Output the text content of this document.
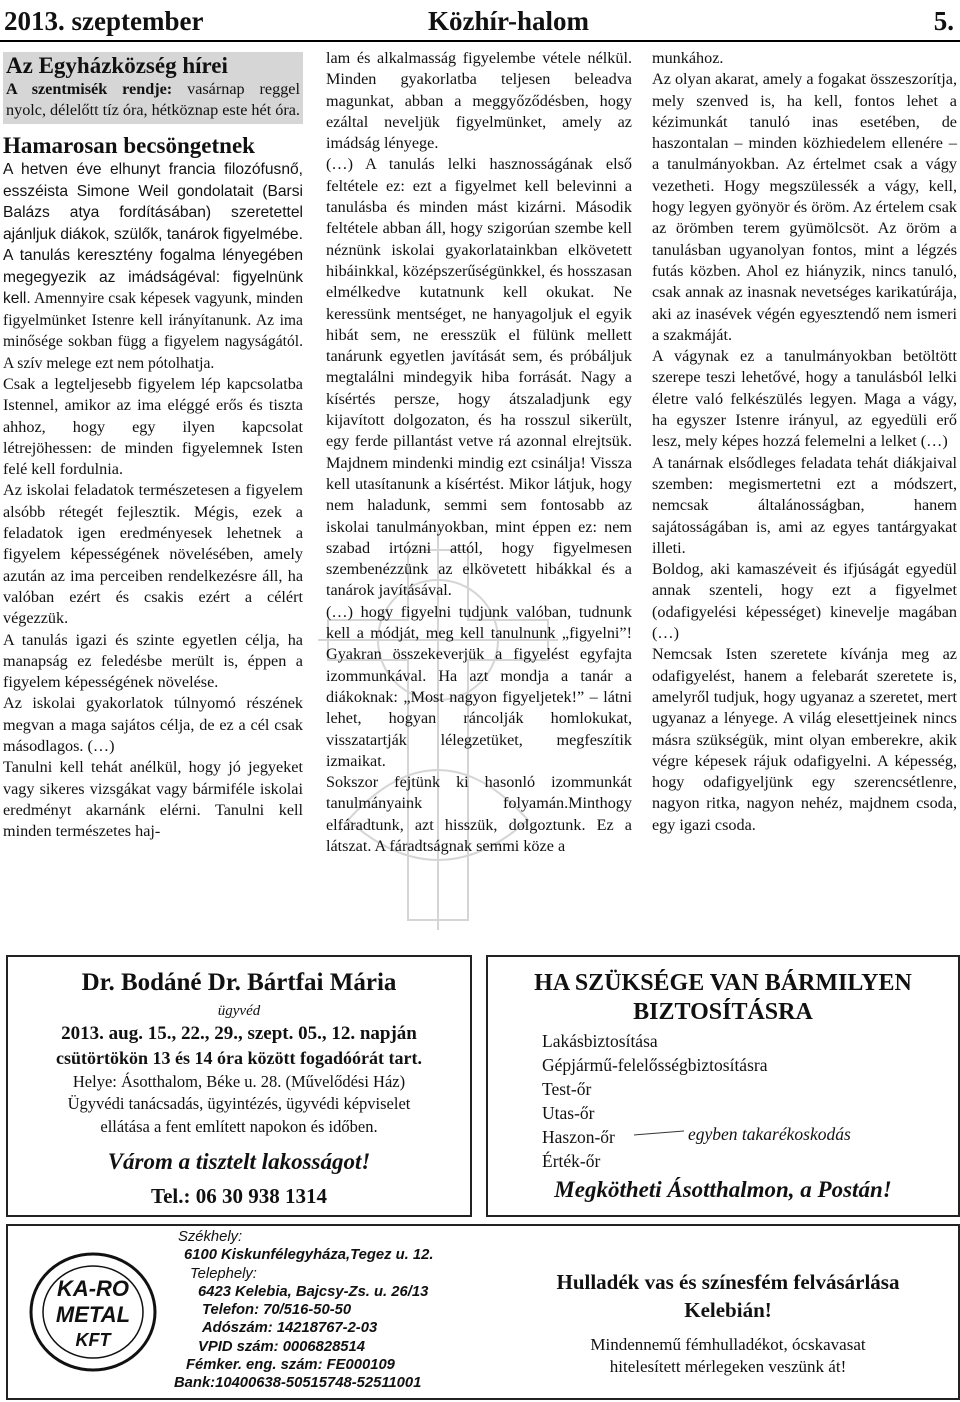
2013. szeptember	Közhír-halom	5.
Az Egyházközség hírei

A szentmisék rendje: vasárnap reggel nyolc, délelőtt tíz óra, hétköznap este hét óra.

Hamarosan becsöngetnek

A hetven éve elhunyt francia filozófusnő, esszéista Simone Weil gondolatait (Barsi Balázs atya fordításában) szeretettel ajánljuk diákok, szülők, tanárok figyelmébe.

A tanulás keresztény fogalma lényegében megegyezik az imádságéval: figyelnünk kell. Amennyire csak képesek vagyunk, minden figyelmünket Istenre kell irányítanunk. Az ima minősége sokban függ a figyelem nagyságától. A szív melege ezt nem pótolhatja.

Csak a legteljesebb figyelem lép kapcsolatba Istennel, amikor az ima eléggé erős és tiszta ahhoz, hogy egy ilyen kapcsolat létrejöhessen: de minden figyelemnek Isten felé kell fordulnia.

Az iskolai feladatok természetesen a figyelem alsóbb rétegét fejlesztik. Mégis, ezek a feladatok igen eredményesek lehetnek a figyelem képességének növelésében, amely azután az ima perceiben rendelkezésre áll, ha valóban ezért és csakis ezért a célért végezzük.

A tanulás igazi és szinte egyetlen célja, ha manapság ez feledésbe merült is, éppen a figyelem képességének növelése.

Az iskolai gyakorlatok túlnyomó részének megvan a maga sajátos célja, de ez a cél csak másodlagos. (…)

Tanulni kell tehát anélkül, hogy jó jegyeket vagy sikeres vizsgákat vagy bármiféle iskolai eredményt akarnánk elérni. Tanulni kell minden természetes haj-

lam és alkalmasság figyelembe vétele nélkül. Minden gyakorlatba teljesen beleadva magunkat, abban a meggyőződésben, hogy ezáltal neveljük figyelmünket, amely az imádság lényege.

(…) A tanulás lelki hasznosságának első feltétele ez: ezt a figyelmet kell belevinni a tanulásba és minden mást kizárni. Második feltétele abban áll, hogy szigorúan szembe kell néznünk iskolai gyakorlatainkban elkövetett hibáinkkal, középszerűségünkkel, és hosszasan elmélkedve kutatnunk kell okukat. Ne keressünk mentséget, ne hanyagoljuk el egyik hibát sem, ne eresszük el fülünk mellett tanárunk egyetlen javítását sem, és próbáljuk megtalálni mindegyik hiba forrását. Nagy a kísértés persze, hogy átszaladjunk egy kijavított dolgozaton, és ha rosszul sikerült, egy ferde pillantást vetve rá azonnal elrejtsük. Majdnem mindenki mindig ezt csinálja! Vissza kell utasítanunk a kísértést. Mikor látjuk, hogy nem haladunk, semmi sem fontosabb az iskolai tanulmányokban, mint éppen ez: nem szabad irtózni attól, hogy figyelmesen szembenézzünk az elkövetett hibákkal és a tanárok javításával.

(…) hogy figyelni tudjunk valóban, tudnunk kell a módját, meg kell tanulnunk „figyelni”! Gyakran összekeverjük a figyelést egyfajta izommunkával. Ha azt mondja a tanár a diákoknak: „Most nagyon figyeljetek!” – látni lehet, hogyan ráncolják homlokukat, visszatartják lélegzetüket, megfeszítik izmaikat.

Sokszor fejtünk ki hasonló izommunkát tanulmányaink folyamán.Minthogy elfáradtunk, azt hisszük, dolgoztunk. Ez a látszat. A fáradtságnak semmi köze a

munkához.

Az olyan akarat, amely a fogakat összeszorítja, mely szenved is, ha kell, fontos lehet a kézimunkát tanuló inas esetében, de haszontalan – minden közhiedelem ellenére – a tanulmányokban. Az értelmet csak a vágy vezetheti. Hogy megszülessék a vágy, kell, hogy legyen gyönyör és öröm. Az értelem csak az örömben terem gyümölcsöt. Az öröm a tanulásban ugyanolyan fontos, mint a légzés futás közben. Ahol ez hiányzik, nincs tanuló, csak annak az inasnak nevetséges karikatúrája, aki az inasévek végén egyesztendő nem ismeri a szakmáját.

A vágynak ez a tanulmányokban betöltött szerepe teszi lehetővé, hogy a tanulásból lelki életre való felkészülés legyen. Maga a vágy, ha egyszer Istenre irányul, az egyedüli erő lesz, mely képes hozzá felemelni a lelket (…)

A tanárnak elsődleges feladata tehát diákjaival szemben: megismertetni ezt a módszert, nemcsak általánosságban, hanem sajátosságában is, ami az egyes tantárgyakat illeti.

Boldog, aki kamaszéveit és ifjúságát egyedül annak szenteli, hogy ezt a figyelmet (odafigyelési képességet) kinevelje magában (…)

Nemcsak Isten szeretete kívánja meg az odafigyelést, hanem a felebarát szeretete is, amelyről tudjuk, hogy ugyanaz a szeretet, mert ugyanaz a lényege. A világ elesettjeinek nincs másra szükségük, mint olyan emberekre, akik végre képesek rájuk odafigyelni. A képesség, hogy odafigyeljünk egy szerencsétlenre, nagyon ritka, nagyon nehéz, majdnem csoda, egy igazi csoda.

Dr. Bodáné Dr. Bártfai Mária
ügyvéd
2013. aug. 15., 22., 29., szept. 05., 12. napján
csütörtökön 13 és 14 óra között fogadóórát tart.
Helye: Ásotthalom, Béke u. 28. (Művelődési Ház)
Ügyvédi tanácsadás, ügyintézés, ügyvédi képviselet
ellátása a fent említett napokon és időben.
Várom a tisztelt lakosságot!
Tel.: 06 30 938 1314
HA SZÜKSÉGE VAN BÁRMILYEN
BIZTOSÍTÁSRA
Lakásbiztosítása
Gépjármű-felelősségbiztosításra
Test-őr
Utas-őr
Haszon-őr
Érték-őr
egyben takarékoskodás
Megkötheti Ásotthalmon, a Postán!
KA-RO
METAL
KFT
Székhely:
6100 Kiskunfélegyháza,Tegez u. 12.
Telephely:
6423 Kelebia, Bajcsy-Zs. u. 26/13
Telefon: 70/516-50-50
Adószám: 14218767-2-03
VPID szám: 0006828514
Fémker. eng. szám: FE000109
Bank:10400638-50515748-52511001
Hulladék vas és színesfém felvásárlása
Kelebián!
Mindennemű fémhulladékot, ócskavasat
hitelesített mérlegeken veszünk át!
